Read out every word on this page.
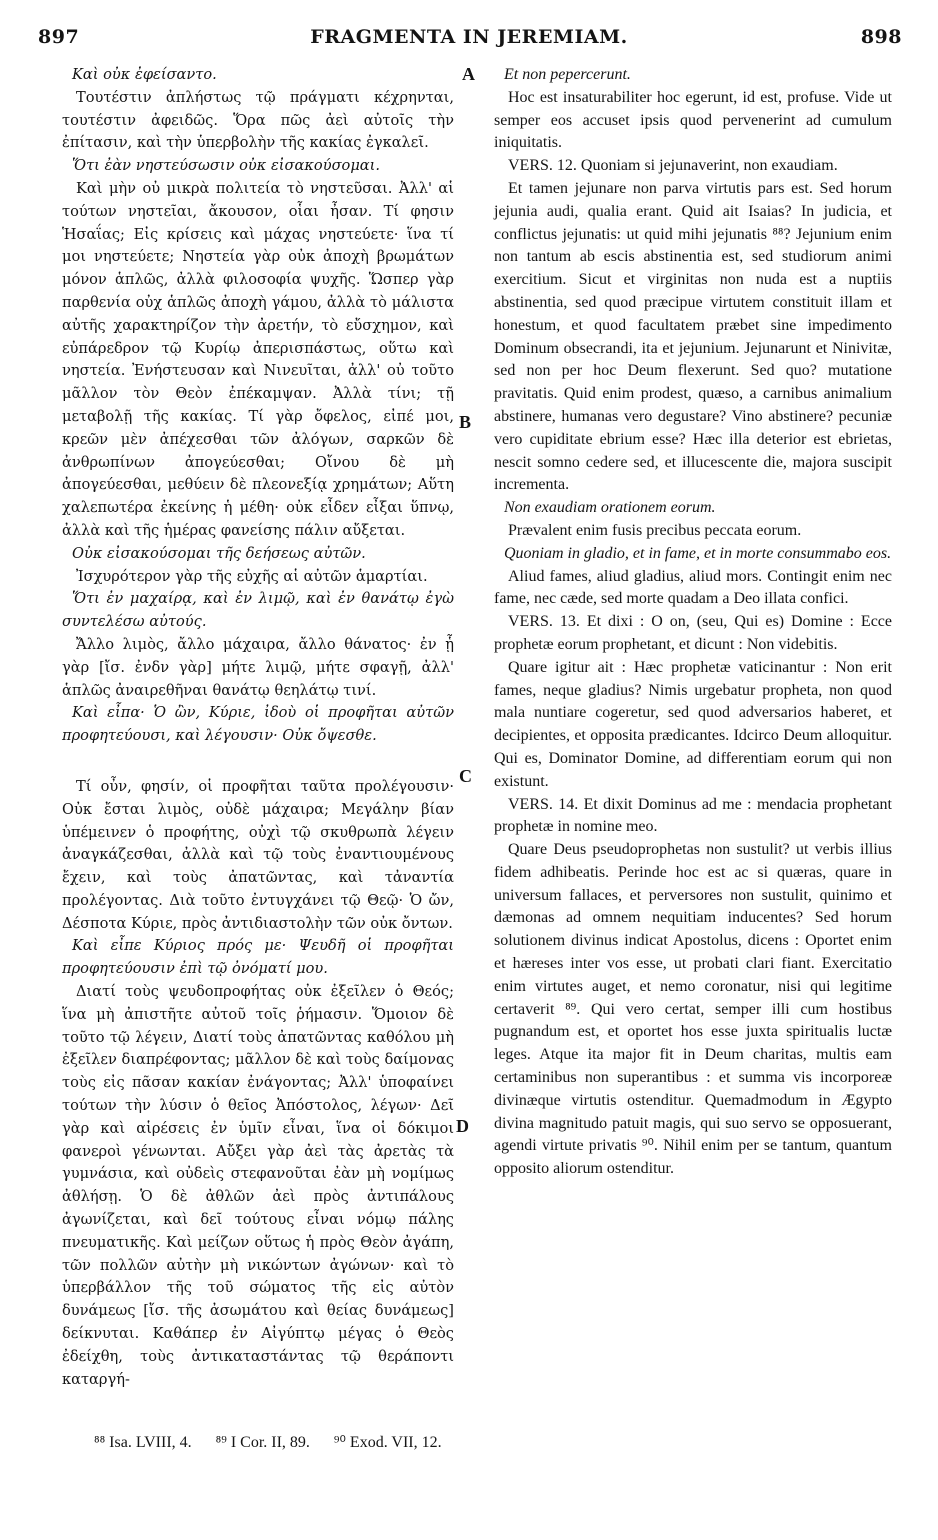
897	FRAGMENTA IN JEREMIAM.	898

Καὶ οὐκ ἐφείσαντο.

Τουτέστιν ἀπλήστως τῷ πράγματι κέχρηνται, τουτέστιν ἀφειδῶς. Ὅρα πῶς ἀεὶ αὐτοῖς τὴν ἐπίτασιν, καὶ τὴν ὑπερβολὴν τῆς κακίας ἐγκαλεῖ.

Ὅτι ἐὰν νηστεύσωσιν οὐκ εἰσακούσομαι.

Καὶ μὴν οὐ μικρὰ πολιτεία τὸ νηστεῦσαι. Ἀλλ' αἱ τούτων νηστεῖαι, ἄκουσον, οἷαι ἦσαν. Τί φησιν Ἡσαΐας; Εἰς κρίσεις καὶ μάχας νηστεύετε· ἵνα τί μοι νηστεύετε; Νηστεία γὰρ οὐκ ἀποχὴ βρωμάτων μόνον ἁπλῶς, ἀλλὰ φιλοσοφία ψυχῆς. Ὥσπερ γὰρ παρθενία οὐχ ἁπλῶς ἀποχὴ γάμου, ἀλλὰ τὸ μάλιστα αὐτῆς χαρακτηρίζον τὴν ἀρετήν, τὸ εὔσχημον, καὶ εὐπάρεδρον τῷ Κυρίῳ ἀπερισπάστως, οὕτω καὶ νηστεία. Ἐνήστευσαν καὶ Νινευῖται, ἀλλ' οὐ τοῦτο μᾶλλον τὸν Θεὸν ἐπέκαμψαν. Ἀλλὰ τίνι; τῇ μεταβολῇ τῆς κακίας. Τί γὰρ ὄφελος, εἰπέ μοι, κρεῶν μὲν ἀπέχεσθαι τῶν ἀλόγων, σαρκῶν δὲ ἀνθρωπίνων ἀπογεύεσθαι; Οἴνου δὲ μὴ ἀπογεύεσθαι, μεθύειν δὲ πλεονεξίᾳ χρημάτων; Αὕτη χαλεπωτέρα ἐκείνης ἡ μέθη· οὐκ εἶδεν εἶξαι ὕπνῳ, ἀλλὰ καὶ τῆς ἡμέρας φανείσης πάλιν αὔξεται.

Οὐκ εἰσακούσομαι τῆς δεήσεως αὐτῶν.

Ἰσχυρότερον γὰρ τῆς εὐχῆς αἱ αὐτῶν ἁμαρτίαι.

Ὅτι ἐν μαχαίρᾳ, καὶ ἐν λιμῷ, καὶ ἐν θανάτῳ ἐγὼ συντελέσω αὐτούς.

Ἄλλο λιμὸς, ἄλλο μάχαιρα, ἄλλο θάνατος· ἐν ᾗ γὰρ [ἴσ. ἐνδν γὰρ] μήτε λιμῷ, μήτε σφαγῇ, ἀλλ' ἁπλῶς ἀναιρεθῆναι θανάτῳ θεηλάτῳ τινί.

Καὶ εἶπα· Ὁ ὢν, Κύριε, ἰδοὺ οἱ προφῆται αὐτῶν προφητεύουσι, καὶ λέγουσιν· Οὐκ ὄψεσθε.

Τί οὖν, φησίν, οἱ προφῆται ταῦτα προλέγουσιν· Οὐκ ἔσται λιμὸς, οὐδὲ μάχαιρα; Μεγάλην βίαν ὑπέμεινεν ὁ προφήτης, οὐχὶ τῷ σκυθρωπὰ λέγειν ἀναγκάζεσθαι, ἀλλὰ καὶ τῷ τοὺς ἐναντιουμένους ἔχειν, καὶ τοὺς ἀπατῶντας, καὶ τἀναντία προλέγοντας. Διὰ τοῦτο ἐντυγχάνει τῷ Θεῷ· Ὁ ὤν, Δέσποτα Κύριε, πρὸς ἀντιδιαστολὴν τῶν οὐκ ὄντων.

Καὶ εἶπε Κύριος πρός με· Ψευδῆ οἱ προφῆται προφητεύουσιν ἐπὶ τῷ ὀνόματί μου.

Διατί τοὺς ψευδοπροφήτας οὐκ ἐξεῖλεν ὁ Θεός; ἵνα μὴ ἀπιστῆτε αὐτοῦ τοῖς ῥήμασιν. Ὅμοιον δὲ τοῦτο τῷ λέγειν, Διατί τοὺς ἀπατῶντας καθόλου μὴ ἐξεῖλεν διαπρέφοντας; μᾶλλον δὲ καὶ τοὺς δαίμονας τοὺς εἰς πᾶσαν κακίαν ἐνάγοντας; Ἀλλ' ὑποφαίνει τούτων τὴν λύσιν ὁ θεῖος Ἀπόστολος, λέγων· Δεῖ γὰρ καὶ αἱρέσεις ἐν ὑμῖν εἶναι, ἵνα οἱ δόκιμοι φανεροὶ γένωνται. Αὔξει γὰρ ἀεὶ τὰς ἀρετὰς τὰ γυμνάσια, καὶ οὐδεὶς στεφανοῦται ἐὰν μὴ νομίμως ἀθλήσῃ. Ὁ δὲ ἀθλῶν ἀεὶ πρὸς ἀντιπάλους ἀγωνίζεται, καὶ δεῖ τούτους εἶναι νόμῳ πάλης πνευματικῆς. Καὶ μείζων οὕτως ἡ πρὸς Θεὸν ἀγάπη, τῶν πολλῶν αὐτὴν μὴ νικώντων ἀγώνων· καὶ τὸ ὑπερβάλλον τῆς τοῦ σώματος τῆς εἰς αὐτὸν δυνάμεως [ἴσ. τῆς ἀσωμάτου καὶ θείας δυνάμεως] δείκνυται. Καθάπερ ἐν Αἰγύπτῳ μέγας ὁ Θεὸς ἐδείχθη, τοὺς ἀντικαταστάντας τῷ θεράποντι καταργή-

A
B
C
D

Et non pepercerunt.

Hoc est insaturabiliter hoc egerunt, id est, profuse. Vide ut semper eos accuset ipsis quod pervenerint ad cumulum iniquitatis.

VERS. 12. Quoniam si jejunaverint, non exaudiam.

Et tamen jejunare non parva virtutis pars est. Sed horum jejunia audi, qualia erant. Quid ait Isaias? In judicia, et conflictus jejunatis: ut quid mihi jejunatis ⁸⁸? Jejunium enim non tantum ab escis abstinentia est, sed studiorum animi exercitium. Sicut et virginitas non nuda est a nuptiis abstinentia, sed quod præcipue virtutem constituit illam et honestum, et quod facultatem præbet sine impedimento Dominum obsecrandi, ita et jejunium. Jejunarunt et Ninivitæ, sed non per hoc Deum flexerunt. Sed quo? mutatione pravitatis. Quid enim prodest, quæso, a carnibus animalium abstinere, humanas vero degustare? Vino abstinere? pecuniæ vero cupiditate ebrium esse? Hæc illa deterior est ebrietas, nescit somno cedere sed, et illucescente die, majora suscipit incrementa.

Non exaudiam orationem eorum.

Prævalent enim fusis precibus peccata eorum.

Quoniam in gladio, et in fame, et in morte consummabo eos.

Aliud fames, aliud gladius, aliud mors. Contingit enim nec fame, nec cæde, sed morte quadam a Deo illata confici.

VERS. 13. Et dixi : O on, (seu, Qui es) Domine : Ecce prophetæ eorum prophetant, et dicunt : Non videbitis.

Quare igitur ait : Hæc prophetæ vaticinantur : Non erit fames, neque gladius? Nimis urgebatur propheta, non quod mala nuntiare cogeretur, sed quod adversarios haberet, et decipientes, et opposita prædicantes. Idcirco Deum alloquitur. Qui es, Dominator Domine, ad differentiam eorum qui non existunt.

VERS. 14. Et dixit Dominus ad me : mendacia prophetant prophetæ in nomine meo.

Quare Deus pseudoprophetas non sustulit? ut verbis illius fidem adhibeatis. Perinde hoc est ac si quæras, quare in universum fallaces, et perversores non sustulit, quinimo et dæmonas ad omnem nequitiam inducentes? Sed horum solutionem divinus indicat Apostolus, dicens : Oportet enim et hæreses inter vos esse, ut probati clari fiant. Exercitatio enim virtutes auget, et nemo coronatur, nisi qui legitime certaverit ⁸⁹. Qui vero certat, semper illi cum hostibus pugnandum est, et oportet hos esse juxta spiritualis luctæ leges. Atque ita major fit in Deum charitas, multis eam certaminibus non superantibus : et summa vis incorporeæ divinæque virtutis ostenditur. Quemadmodum in Ægypto divina magnitudo patuit magis, qui suo servo se opposuerant, agendi virtute privatis ⁹⁰. Nihil enim per se tantum, quantum opposito aliorum ostenditur.

⁸⁸ Isa. LVIII, 4. ⁸⁹ I Cor. II, 89. ⁹⁰ Exod. VII, 12.
